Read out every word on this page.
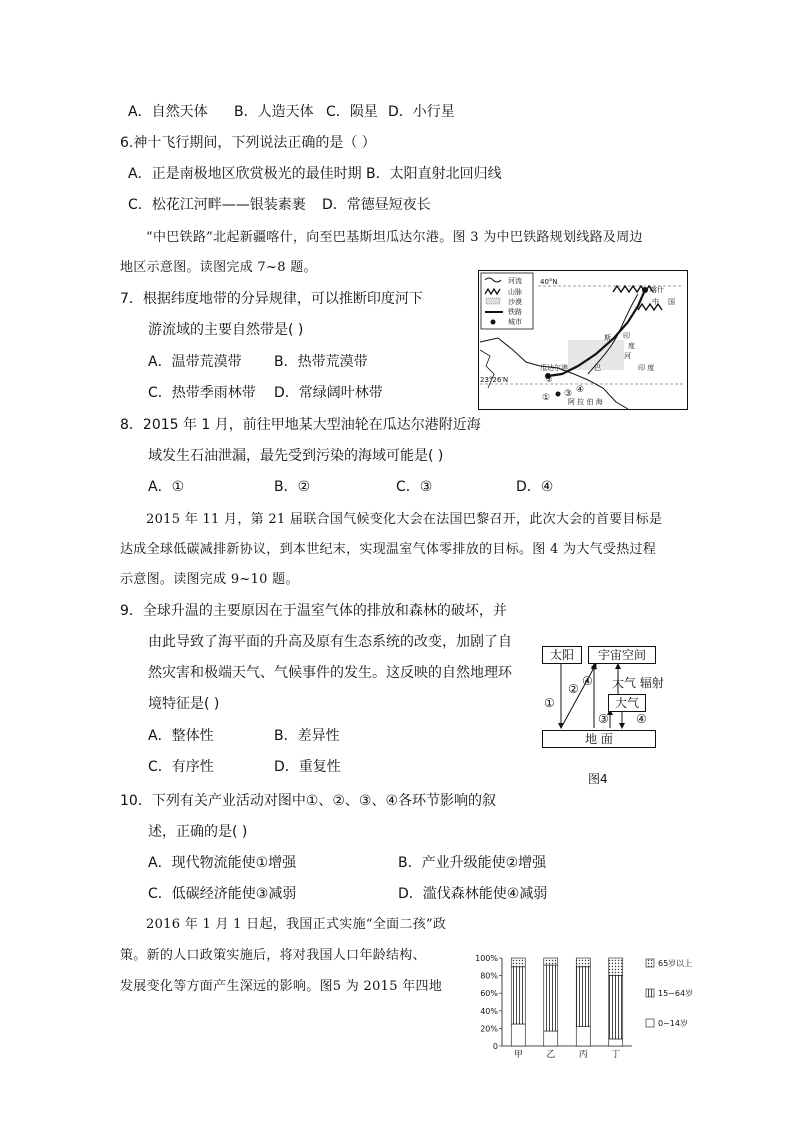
A．自然天体 B．人造天体 C．陨星 D．小行星
6.神十飞行期间，下列说法正确的是（ ）
A．正是南极地区欣赏极光的最佳时期 B．太阳直射北回归线
C．松花江河畔——银装素裹 D．常德昼短夜长
“中巴铁路”北起新疆喀什，向至巴基斯坦瓜达尔港。图 3 为中巴铁路规划线路及周边
地区示意图。读图完成 7~8 题。
7．根据纬度地带的分异规律，可以推断印度河下
游流域的主要自然带是( )
A．温带荒漠带 B．热带荒漠带
C．热带季雨林带 D．常绿阔叶林带
河流
山脉
沙漠
铁路
城市
40°N
23°26′N
喀什
中 国
印 度
瓜达尔港
阿 拉 伯 海
巴
斯 印
度
河
①
②
③ ④
8．2015 年 1 月，前往甲地某大型油轮在瓜达尔港附近海
域发生石油泄漏，最先受到污染的海域可能是( )
A．①	B．②	C．③	D．④
2015 年 11 月，第 21 届联合国气候变化大会在法国巴黎召开，此次大会的首要目标是
达成全球低碳减排新协议，到本世纪末，实现温室气体零排放的目标。图 4 为大气受热过程
示意图。读图完成 9~10 题。
9．全球升温的主要原因在于温室气体的排放和森林的破坏，并
由此导致了海平面的升高及原有生态系统的改变，加剧了自
然灾害和极端天气、气候事件的发生。这反映的自然地理环
境特征是( )
A．整体性	B．差异性
C．有序性	D．重复性
太阳	宇宙空间
大气 辐射
大气
地 面
①
②
④
③ ④
图4
10．下列有关产业活动对图中①、②、③、④各环节影响的叙
述，正确的是( )
A．现代物流能使①增强	B．产业升级能使②增强
C．低碳经济能使③减弱	D．滥伐森林能使④减弱
2016 年 1 月 1 日起，我国正式实施“全面二孩”政
策。新的人口政策实施后，将对我国人口年龄结构、
发展变化等方面产生深远的影响。图5 为 2015 年四地
0
20%
40%
60%
80%
100%
甲	乙	丙	丁
65岁以上
15~64岁
0~14岁
